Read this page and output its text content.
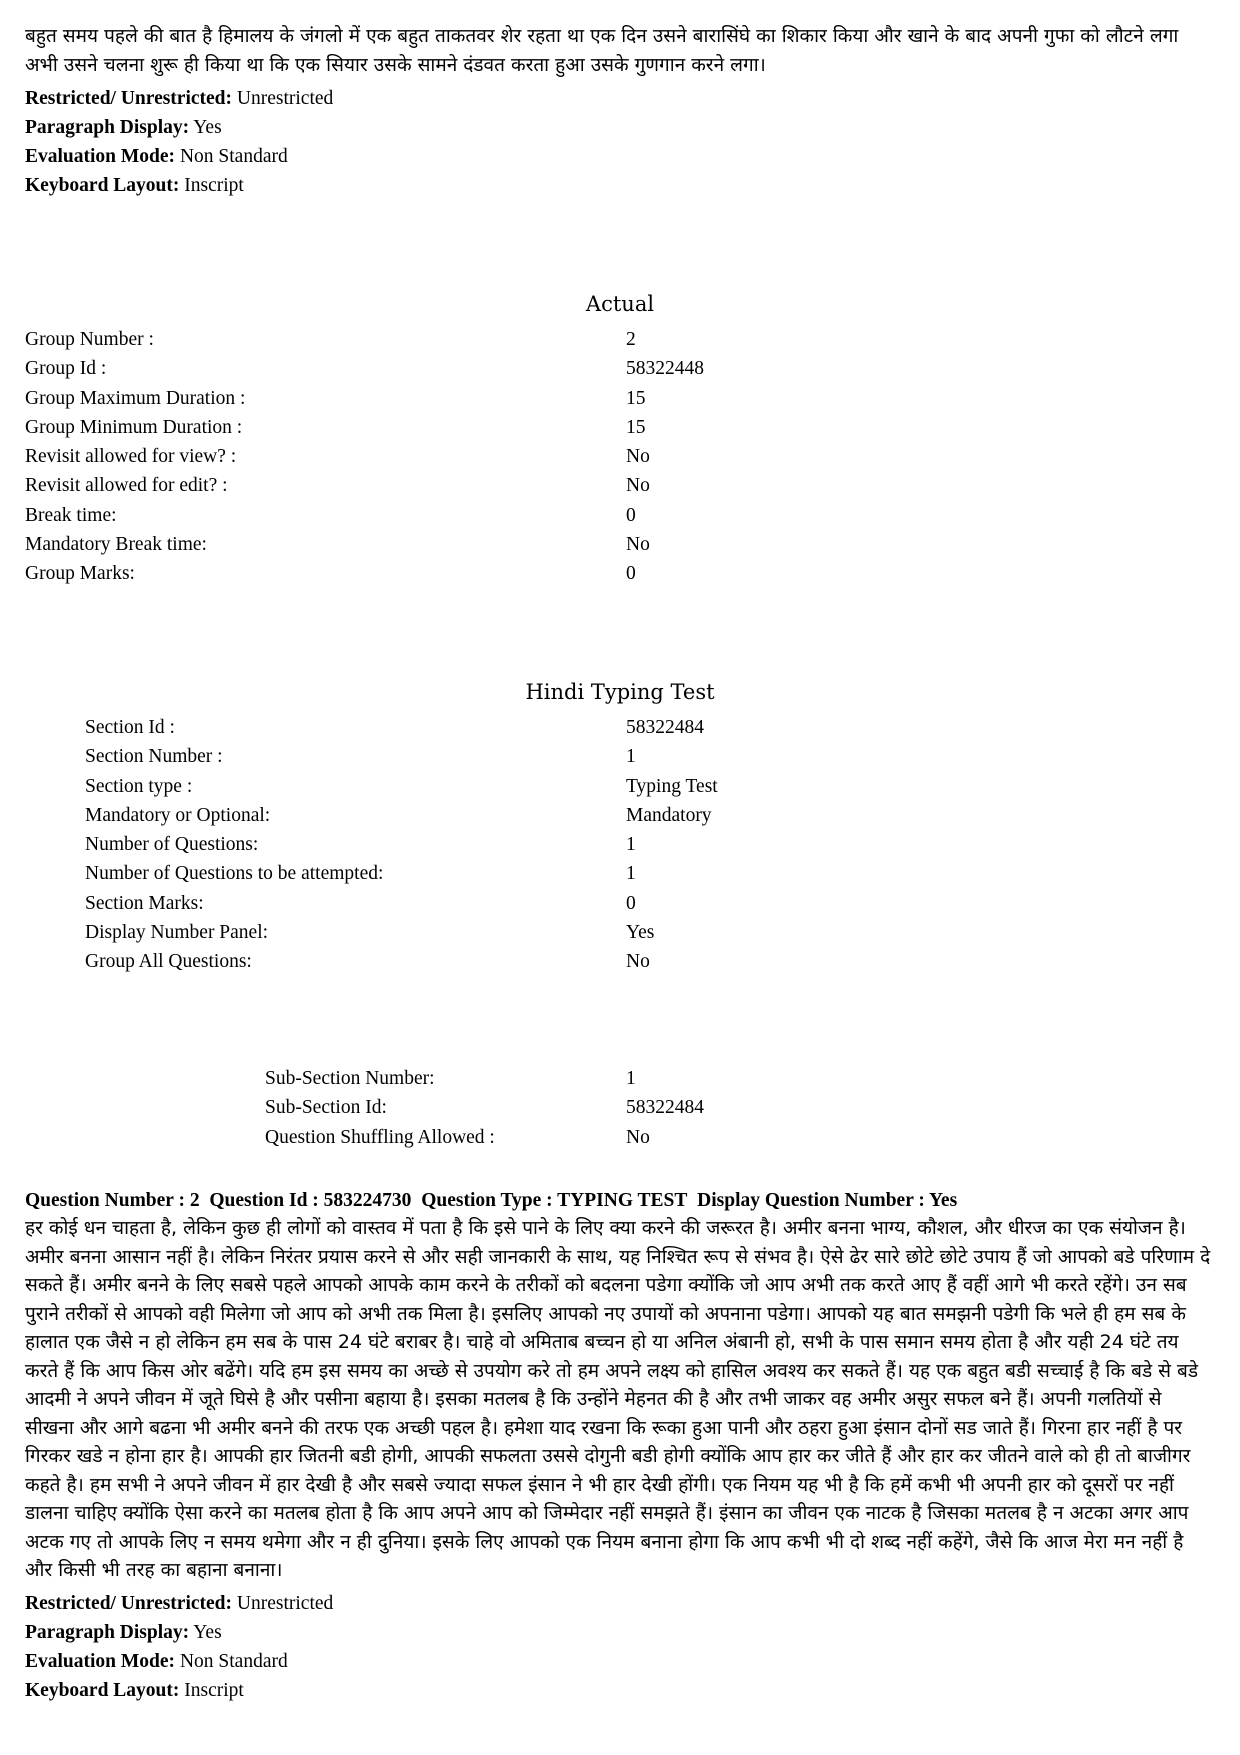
बहुत समय पहले की बात है हिमालय के जंगलो में एक बहुत ताकतवर शेर रहता था एक दिन उसने बारासिंघे का शिकार किया और खाने के बाद अपनी गुफा को लौटने लगा अभी उसने चलना शुरू ही किया था कि एक सियार उसके सामने दंडवत करता हुआ उसके गुणगान करने लगा।
Restricted/ Unrestricted: Unrestricted
Paragraph Display: Yes
Evaluation Mode: Non Standard
Keyboard Layout: Inscript
Actual
Group Number :	2
Group Id :	58322448
Group Maximum Duration :	15
Group Minimum Duration :	15
Revisit allowed for view? :	No
Revisit allowed for edit? :	No
Break time:	0
Mandatory Break time:	No
Group Marks:	0
Hindi Typing Test
Section Id :	58322484
Section Number :	1
Section type :	Typing Test
Mandatory or Optional:	Mandatory
Number of Questions:	1
Number of Questions to be attempted:	1
Section Marks:	0
Display Number Panel:	Yes
Group All Questions:	No
Sub-Section Number:	1
Sub-Section Id:	58322484
Question Shuffling Allowed :	No
Question Number : 2 Question Id : 583224730 Question Type : TYPING TEST Display Question Number : Yes
हर कोई धन चाहता है, लेकिन कुछ ही लोगों को वास्तव में पता है कि इसे पाने के लिए क्या करने की जरूरत है। अमीर बनना भाग्य, कौशल, और धीरज का एक संयोजन है। अमीर बनना आसान नहीं है। लेकिन निरंतर प्रयास करने से और सही जानकारी के साथ, यह निश्चित रूप से संभव है। ऐसे ढेर सारे छोटे छोटे उपाय हैं जो आपको बडे परिणाम दे सकते हैं। अमीर बनने के लिए सबसे पहले आपको आपके काम करने के तरीकों को बदलना पडेगा क्योंकि जो आप अभी तक करते आए हैं वहीं आगे भी करते रहेंगे। उन सब पुराने तरीकों से आपको वही मिलेगा जो आप को अभी तक मिला है। इसलिए आपको नए उपायों को अपनाना पडेगा। आपको यह बात समझनी पडेगी कि भले ही हम सब के हालात एक जैसे न हो लेकिन हम सब के पास 24 घंटे बराबर है। चाहे वो अमिताब बच्चन हो या अनिल अंबानी हो, सभी के पास समान समय होता है और यही 24 घंटे तय करते हैं कि आप किस ओर बढेंगे। यदि हम इस समय का अच्छे से उपयोग करे तो हम अपने लक्ष्य को हासिल अवश्य कर सकते हैं। यह एक बहुत बडी सच्चाई है कि बडे से बडे आदमी ने अपने जीवन में जूते घिसे है और पसीना बहाया है। इसका मतलब है कि उन्होंने मेहनत की है और तभी जाकर वह अमीर असुर सफल बने हैं। अपनी गलतियों से सीखना और आगे बढना भी अमीर बनने की तरफ एक अच्छी पहल है। हमेशा याद रखना कि रूका हुआ पानी और ठहरा हुआ इंसान दोनों सड जाते हैं। गिरना हार नहीं है पर गिरकर खडे न होना हार है। आपकी हार जितनी बडी होगी, आपकी सफलता उससे दोगुनी बडी होगी क्योंकि आप हार कर जीते हैं और हार कर जीतने वाले को ही तो बाजीगर कहते है। हम सभी ने अपने जीवन में हार देखी है और सबसे ज्यादा सफल इंसान ने भी हार देखी होंगी। एक नियम यह भी है कि हमें कभी भी अपनी हार को दूसरों पर नहीं डालना चाहिए क्योंकि ऐसा करने का मतलब होता है कि आप अपने आप को जिम्मेदार नहीं समझते हैं। इंसान का जीवन एक नाटक है जिसका मतलब है न अटका अगर आप अटक गए तो आपके लिए न समय थमेगा और न ही दुनिया। इसके लिए आपको एक नियम बनाना होगा कि आप कभी भी दो शब्द नहीं कहेंगे, जैसे कि आज मेरा मन नहीं है और किसी भी तरह का बहाना बनाना।
Restricted/ Unrestricted: Unrestricted
Paragraph Display: Yes
Evaluation Mode: Non Standard
Keyboard Layout: Inscript
